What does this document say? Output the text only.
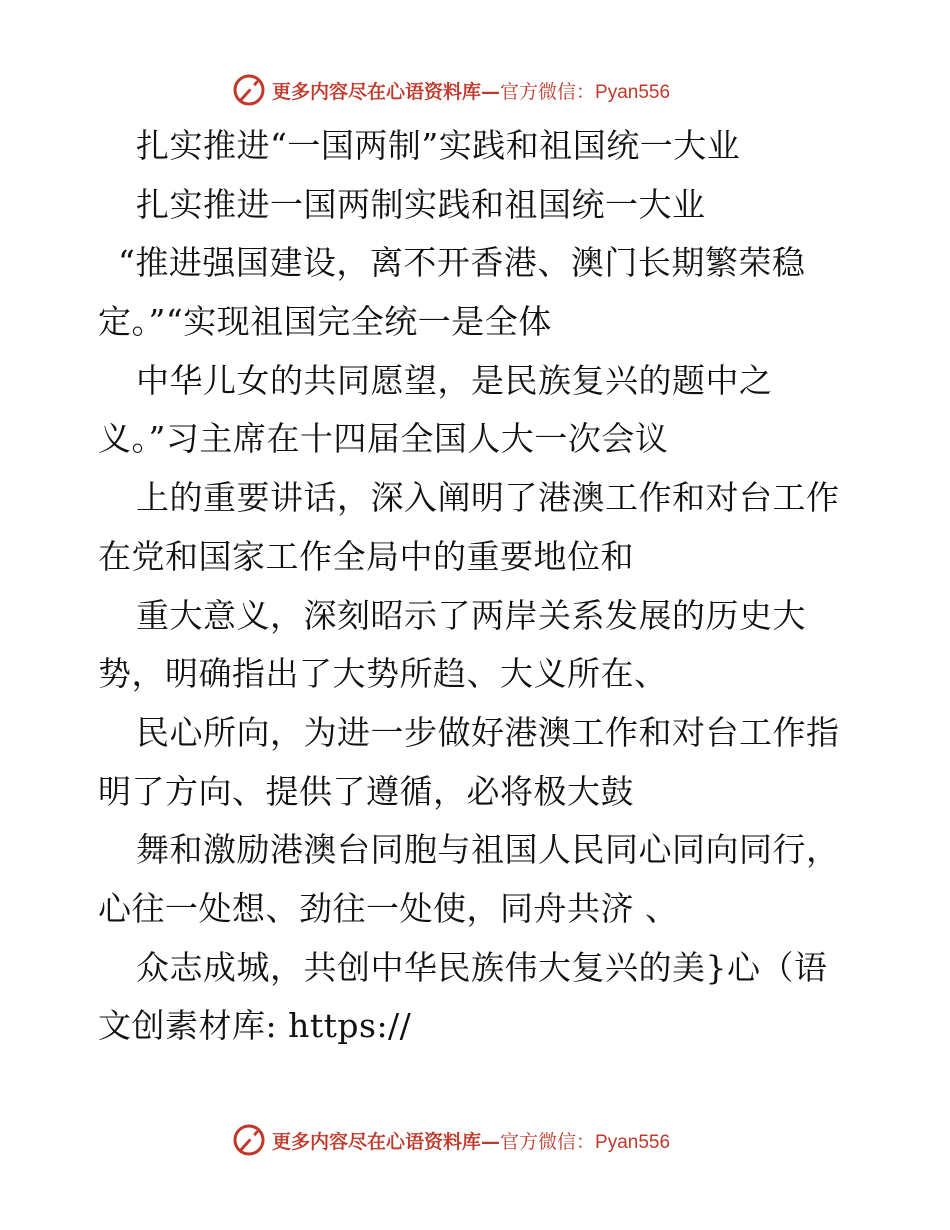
更多内容尽在心语资料库—官方微信：Pyan556
扎实推进“一国两制”实践和祖国统一大业
扎实推进一国两制实践和祖国统一大业
“推进强国建设，离不开香港、澳门长期繁荣稳
定。”“实现祖国完全统一是全体
中华儿女的共同愿望，是民族复兴的题中之
义。”习主席在十四届全国人大一次会议
上的重要讲话，深入阐明了港澳工作和对台工作
在党和国家工作全局中的重要地位和
重大意义，深刻昭示了两岸关系发展的历史大
势，明确指出了大势所趋、大义所在、
民心所向，为进一步做好港澳工作和对台工作指
明了方向、提供了遵循，必将极大鼓
舞和激励港澳台同胞与祖国人民同心同向同行，
心往一处想、劲往一处使，同舟共济 、
众志成城，共创中华民族伟大复兴的美}心（语
文创素材库: https://
更多内容尽在心语资料库—官方微信：Pyan556
